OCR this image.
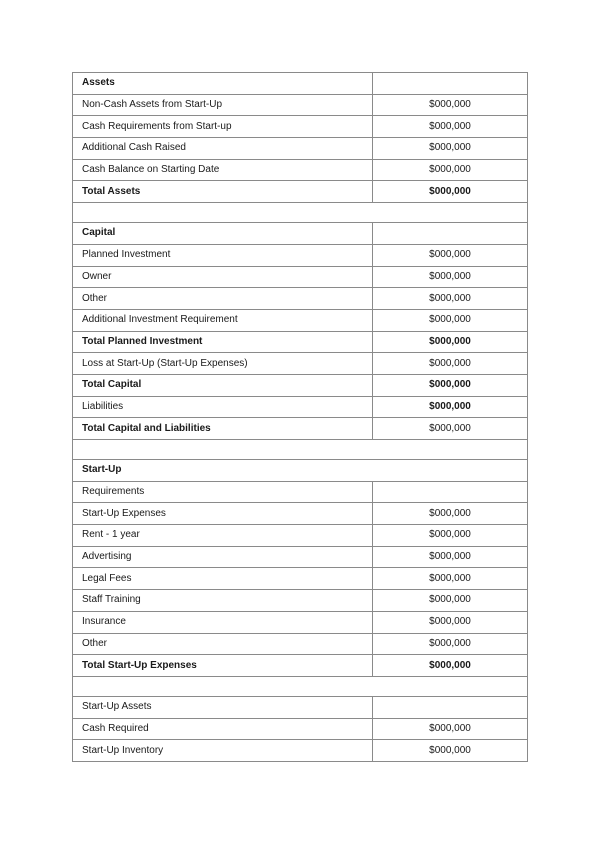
Assets	
Non-Cash Assets from Start-Up	$000,000
Cash Requirements from Start-up	$000,000
Additional Cash Raised	$000,000
Cash Balance on Starting Date	$000,000
Total Assets	$000,000

Capital	
Planned Investment	$000,000
Owner	$000,000
Other	$000,000
Additional Investment Requirement	$000,000
Total Planned Investment	$000,000
Loss at Start-Up (Start-Up Expenses)	$000,000
Total Capital	$000,000
Liabilities	$000,000
Total Capital and Liabilities	$000,000

Start-Up	
Requirements	
Start-Up Expenses	$000,000
Rent - 1 year	$000,000
Advertising	$000,000
Legal Fees	$000,000
Staff Training	$000,000
Insurance	$000,000
Other	$000,000
Total Start-Up Expenses	$000,000

Start-Up Assets	
Cash Required	$000,000
Start-Up Inventory	$000,000
